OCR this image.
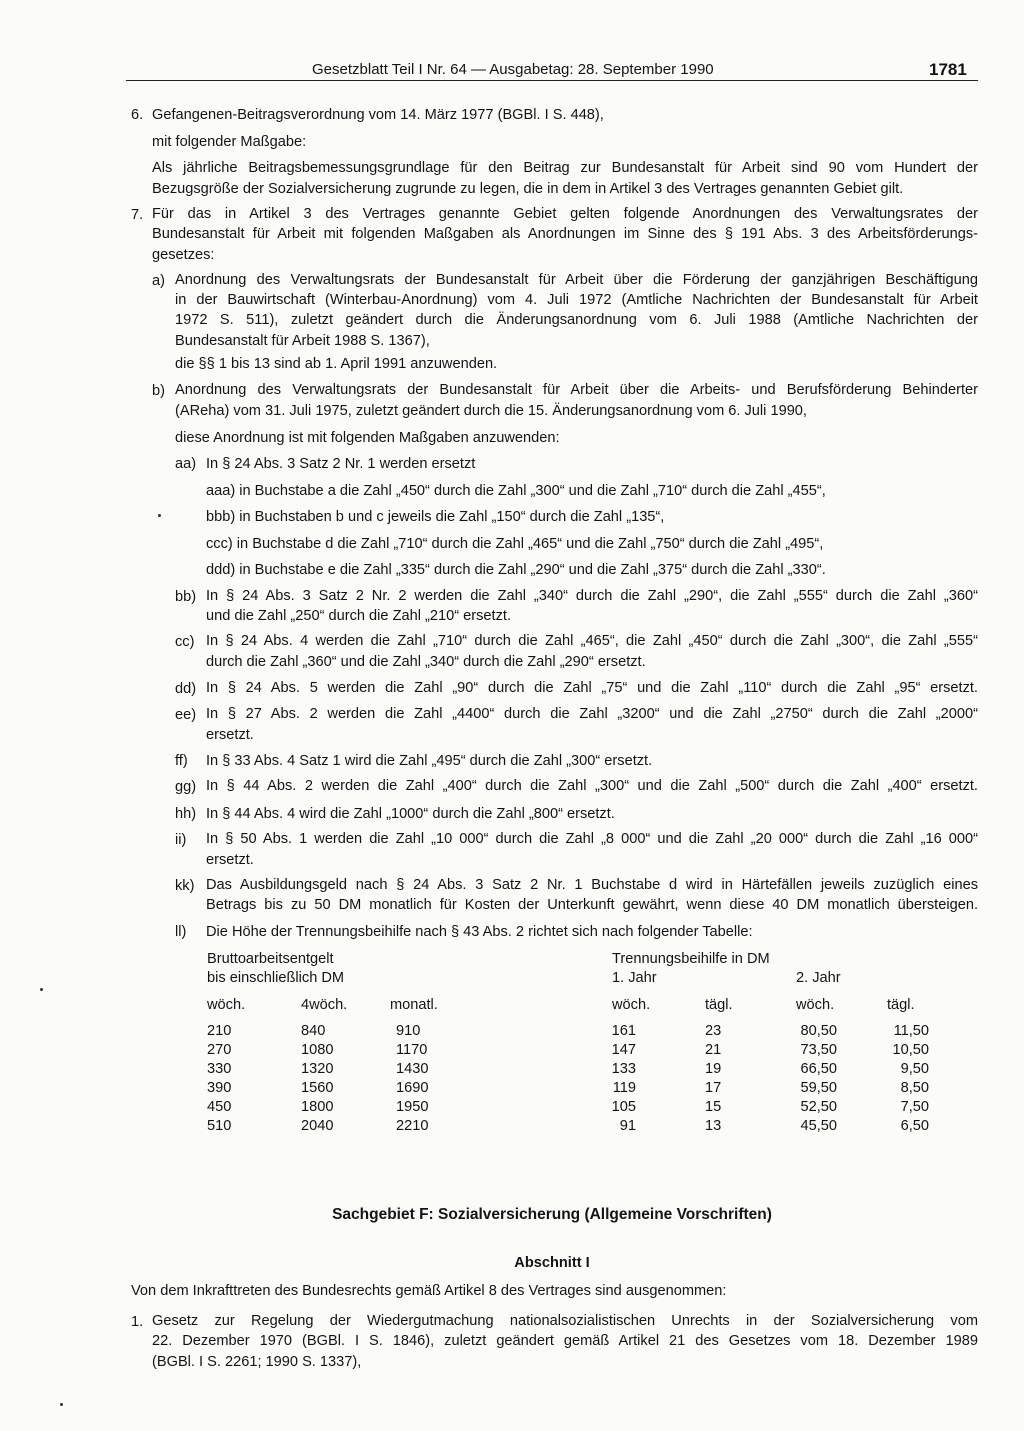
Gesetzblatt Teil I Nr. 64 — Ausgabetag: 28. September 1990	1781
6. Gefangenen-Beitragsverordnung vom 14. März 1977 (BGBl. I S. 448),
mit folgender Maßgabe:
Als jährliche Beitragsbemessungsgrundlage für den Beitrag zur Bundesanstalt für Arbeit sind 90 vom Hundert der
Bezugsgröße der Sozialversicherung zugrunde zu legen, die in dem in Artikel 3 des Vertrages genannten Gebiet gilt.
7. Für das in Artikel 3 des Vertrages genannte Gebiet gelten folgende Anordnungen des Verwaltungsrates der
Bundesanstalt für Arbeit mit folgenden Maßgaben als Anordnungen im Sinne des § 191 Abs. 3 des Arbeitsförderungs-
gesetzes:
a) Anordnung des Verwaltungsrats der Bundesanstalt für Arbeit über die Förderung der ganzjährigen Beschäftigung
in der Bauwirtschaft (Winterbau-Anordnung) vom 4. Juli 1972 (Amtliche Nachrichten der Bundesanstalt für Arbeit
1972 S. 511), zuletzt geändert durch die Änderungsanordnung vom 6. Juli 1988 (Amtliche Nachrichten der
Bundesanstalt für Arbeit 1988 S. 1367),
die §§ 1 bis 13 sind ab 1. April 1991 anzuwenden.
b) Anordnung des Verwaltungsrats der Bundesanstalt für Arbeit über die Arbeits- und Berufsförderung Behinderter
(AReha) vom 31. Juli 1975, zuletzt geändert durch die 15. Änderungsanordnung vom 6. Juli 1990,
diese Anordnung ist mit folgenden Maßgaben anzuwenden:
aa) In § 24 Abs. 3 Satz 2 Nr. 1 werden ersetzt
aaa) in Buchstabe a die Zahl „450“ durch die Zahl „300“ und die Zahl „710“ durch die Zahl „455“,
bbb) in Buchstaben b und c jeweils die Zahl „150“ durch die Zahl „135“,
ccc) in Buchstabe d die Zahl „710“ durch die Zahl „465“ und die Zahl „750“ durch die Zahl „495“,
ddd) in Buchstabe e die Zahl „335“ durch die Zahl „290“ und die Zahl „375“ durch die Zahl „330“.
bb) In § 24 Abs. 3 Satz 2 Nr. 2 werden die Zahl „340“ durch die Zahl „290“, die Zahl „555“ durch die Zahl „360“
und die Zahl „250“ durch die Zahl „210“ ersetzt.
cc) In § 24 Abs. 4 werden die Zahl „710“ durch die Zahl „465“, die Zahl „450“ durch die Zahl „300“, die Zahl „555“
durch die Zahl „360“ und die Zahl „340“ durch die Zahl „290“ ersetzt.
dd) In § 24 Abs. 5 werden die Zahl „90“ durch die Zahl „75“ und die Zahl „110“ durch die Zahl „95“ ersetzt.
ee) In § 27 Abs. 2 werden die Zahl „4400“ durch die Zahl „3200“ und die Zahl „2750“ durch die Zahl „2000“
ersetzt.
ff) In § 33 Abs. 4 Satz 1 wird die Zahl „495“ durch die Zahl „300“ ersetzt.
gg) In § 44 Abs. 2 werden die Zahl „400“ durch die Zahl „300“ und die Zahl „500“ durch die Zahl „400“ ersetzt.
hh) In § 44 Abs. 4 wird die Zahl „1000“ durch die Zahl „800“ ersetzt.
ii) In § 50 Abs. 1 werden die Zahl „10 000“ durch die Zahl „8 000“ und die Zahl „20 000“ durch die Zahl „16 000“
ersetzt.
kk) Das Ausbildungsgeld nach § 24 Abs. 3 Satz 2 Nr. 1 Buchstabe d wird in Härtefällen jeweils zuzüglich eines
Betrags bis zu 50 DM monatlich für Kosten der Unterkunft gewährt, wenn diese 40 DM monatlich übersteigen.
ll) Die Höhe der Trennungsbeihilfe nach § 43 Abs. 2 richtet sich nach folgender Tabelle:
Bruttoarbeitsentgelt
bis einschließlich DM
Trennungsbeihilfe in DM
1. Jahr	2. Jahr
wöch.	4wöch.	monatl.	wöch.	tägl.	wöch.	tägl.
210	840	910	161	23	80,50	11,50
270	1080	1170	147	21	73,50	10,50
330	1320	1430	133	19	66,50	9,50
390	1560	1690	119	17	59,50	8,50
450	1800	1950	105	15	52,50	7,50
510	2040	2210	91	13	45,50	6,50
Sachgebiet F: Sozialversicherung (Allgemeine Vorschriften)
Abschnitt I
Von dem Inkrafttreten des Bundesrechts gemäß Artikel 8 des Vertrages sind ausgenommen:
1. Gesetz zur Regelung der Wiedergutmachung nationalsozialistischen Unrechts in der Sozialversicherung vom
22. Dezember 1970 (BGBl. I S. 1846), zuletzt geändert gemäß Artikel 21 des Gesetzes vom 18. Dezember 1989
(BGBl. I S. 2261; 1990 S. 1337),
